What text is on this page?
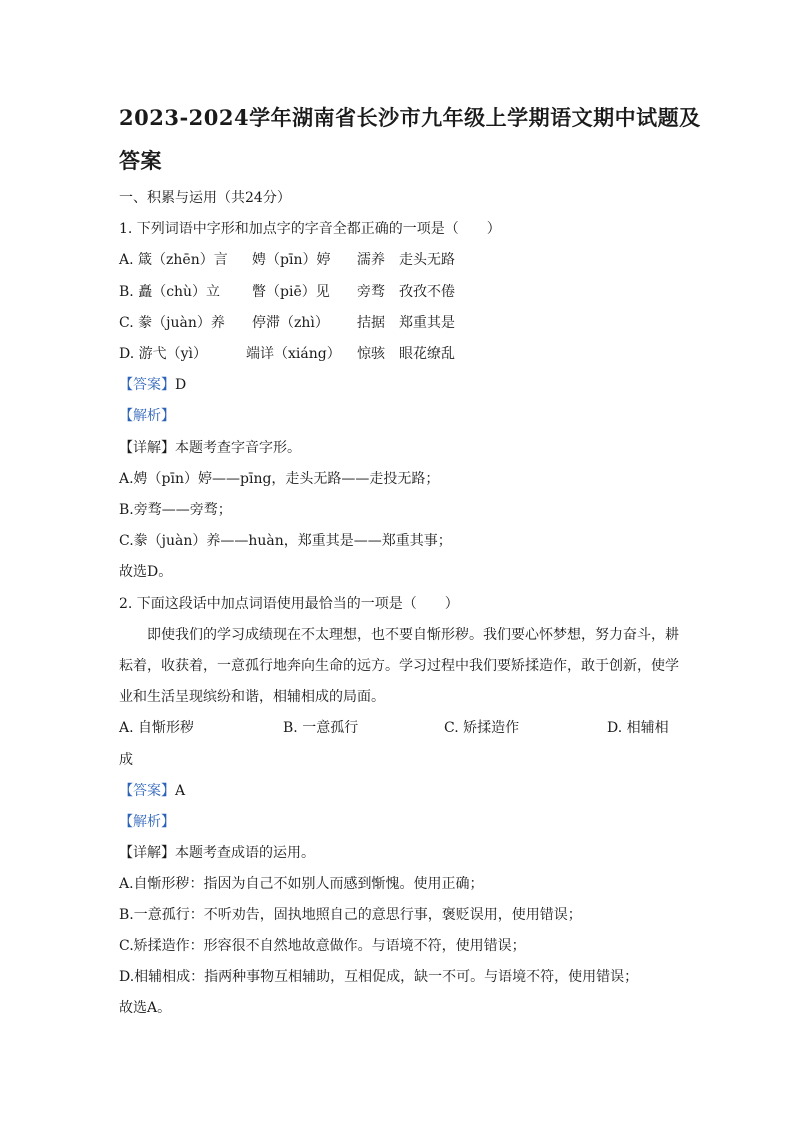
2023-2024学年湖南省长沙市九年级上学期语文期中试题及
答案
一、积累与运用（共24分）
1. 下列词语中字形和加点字的字音全都正确的一项是（　　）
A. 箴（zhēn）言 娉（pīn）婷 濡养 走头无路
B. 矗（chù）立 瞥（piē）见 旁骛 孜孜不倦
C. 豢（juàn）养 停滞（zhì） 拮据 郑重其是
D. 游弋（yì）	端详（xiáng） 惊骇 眼花缭乱
【答案】D
【解析】
【详解】本题考查字音字形。
A.娉（pīn）婷——pīng，走头无路——走投无路；
B.旁骛——旁骛；
C.豢（juàn）养——huàn，郑重其是——郑重其事；
故选D。
2. 下面这段话中加点词语使用最恰当的一项是（　　）
即使我们的学习成绩现在不太理想，也不要自惭形秽。我们要心怀梦想，努力奋斗，耕
耘着，收获着，一意孤行地奔向生命的远方。学习过程中我们要矫揉造作，敢于创新，使学
业和生活呈现缤纷和谐，相辅相成的局面。
A. 自惭形秽	B. 一意孤行	C. 矫揉造作	D. 相辅相
成
【答案】A
【解析】
【详解】本题考查成语的运用。
A.自惭形秽：指因为自己不如别人而感到惭愧。使用正确；
B.一意孤行：不听劝告，固执地照自己的意思行事，褒贬误用，使用错误；
C.矫揉造作：形容很不自然地故意做作。与语境不符，使用错误；
D.相辅相成：指两种事物互相辅助，互相促成，缺一不可。与语境不符，使用错误；
故选A。
